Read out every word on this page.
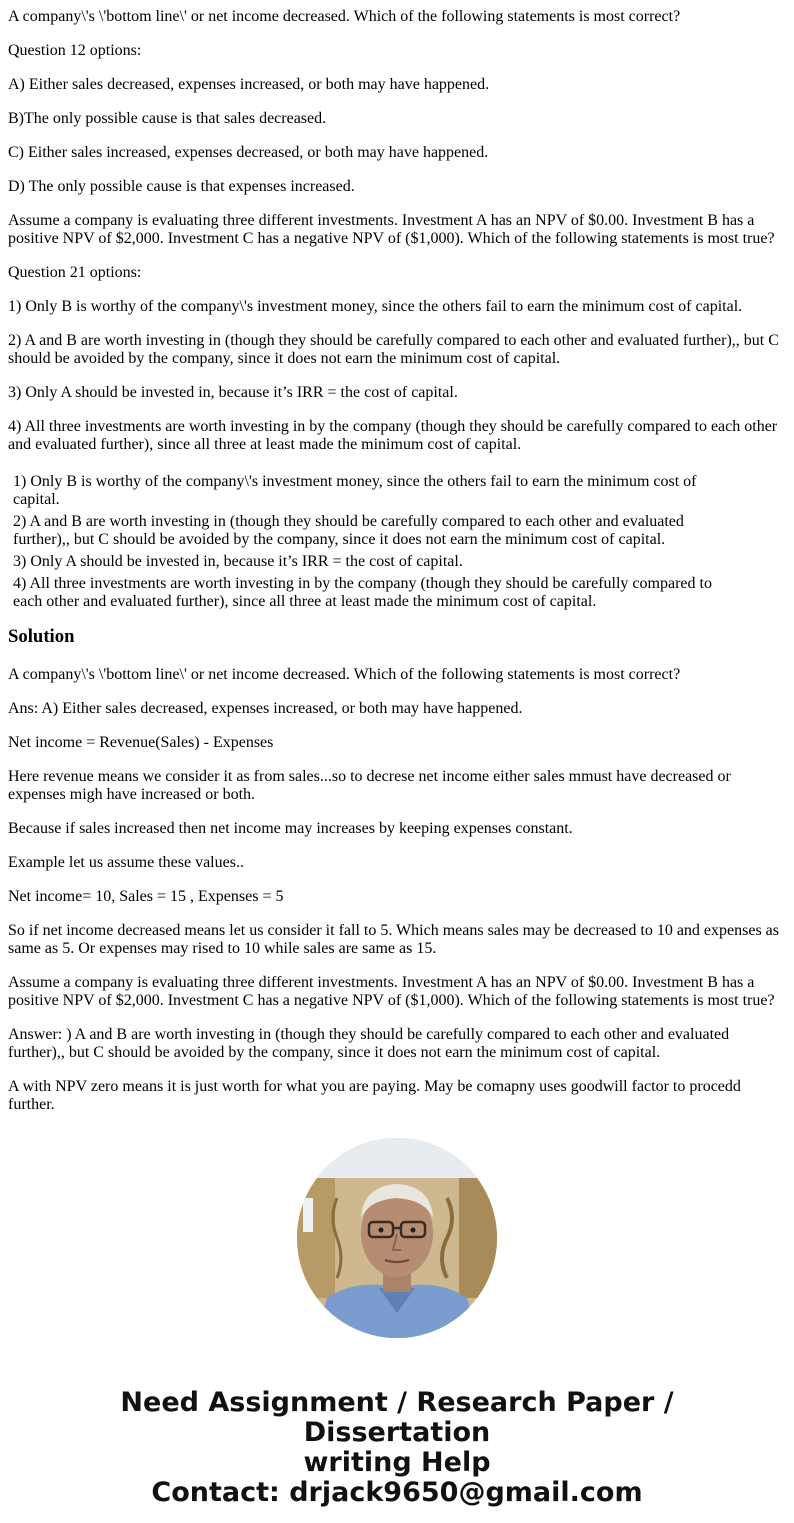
A company\'s \'bottom line\' or net income decreased. Which of the following statements is most correct?

Question 12 options:

A) Either sales decreased, expenses increased, or both may have happened.

B)The only possible cause is that sales decreased.

C) Either sales increased, expenses decreased, or both may have happened.

D) The only possible cause is that expenses increased.

Assume a company is evaluating three different investments. Investment A has an NPV of $0.00. Investment B has a positive NPV of $2,000. Investment C has a negative NPV of ($1,000). Which of the following statements is most true?

Question 21 options:

1) Only B is worthy of the company\'s investment money, since the others fail to earn the minimum cost of capital.

2) A and B are worth investing in (though they should be carefully compared to each other and evaluated further),, but C should be avoided by the company, since it does not earn the minimum cost of capital.

3) Only A should be invested in, because it’s IRR = the cost of capital.

4) All three investments are worth investing in by the company (though they should be carefully compared to each other and evaluated further), since all three at least made the minimum cost of capital.

1) Only B is worthy of the company\'s investment money, since the others fail to earn the minimum cost of capital.
2) A and B are worth investing in (though they should be carefully compared to each other and evaluated further),, but C should be avoided by the company, since it does not earn the minimum cost of capital.
3) Only A should be invested in, because it’s IRR = the cost of capital.
4) All three investments are worth investing in by the company (though they should be carefully compared to each other and evaluated further), since all three at least made the minimum cost of capital.
Solution

A company\'s \'bottom line\' or net income decreased. Which of the following statements is most correct?

Ans: A) Either sales decreased, expenses increased, or both may have happened.

Net income = Revenue(Sales) - Expenses

Here revenue means we consider it as from sales...so to decrese net income either sales mmust have decreased or expenses migh have increased or both.

Because if sales increased then net income may increases by keeping expenses constant.

Example let us assume these values..

Net income= 10, Sales = 15 , Expenses = 5

So if net income decreased means let us consider it fall to 5. Which means sales may be decreased to 10 and expenses as same as 5. Or expenses may rised to 10 while sales are same as 15.

Assume a company is evaluating three different investments. Investment A has an NPV of $0.00. Investment B has a positive NPV of $2,000. Investment C has a negative NPV of ($1,000). Which of the following statements is most true?

Answer: ) A and B are worth investing in (though they should be carefully compared to each other and evaluated further),, but C should be avoided by the company, since it does not earn the minimum cost of capital.

A with NPV zero means it is just worth for what you are paying. May be comapny uses goodwill factor to procedd further.

Need Assignment / Research Paper / Dissertation
writing Help
Contact: drjack9650@gmail.com
